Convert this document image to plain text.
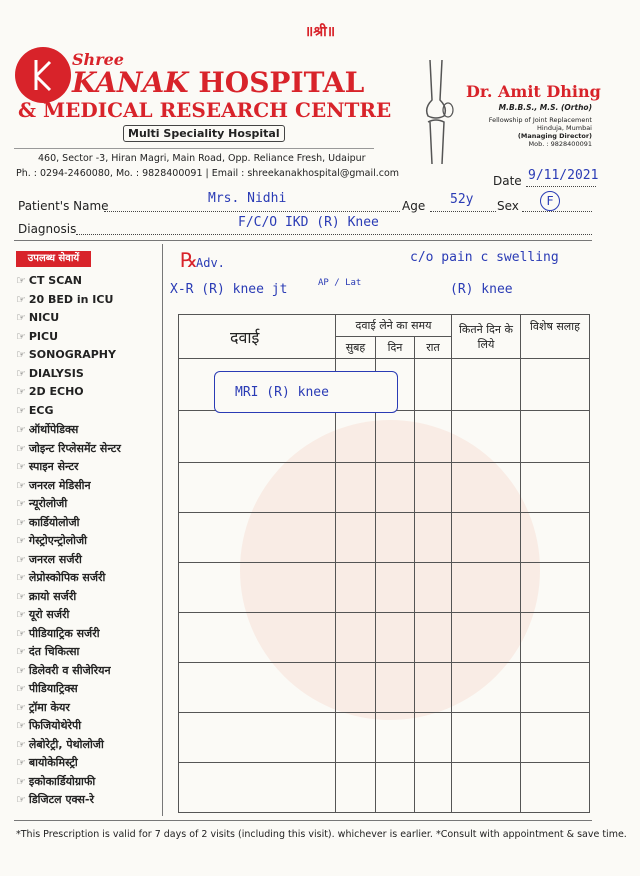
॥श्री॥
Shree
KANAK HOSPITAL
& MEDICAL RESEARCH CENTRE
Multi Speciality Hospital
460, Sector -3, Hiran Magri, Main Road, Opp. Reliance Fresh, Udaipur
Ph. : 0294-2460080, Mo. : 9828400091 | Email : shreekanakhospital@gmail.com
Dr. Amit Dhing
M.B.B.S., M.S. (Ortho)
Fellowship of Joint Replacement
Hinduja, Mumbai
(Managing Director)
Mob. : 9828400091
Date 9/11/2021
Patient's Name	Mrs. Nidhi	Age 52y Sex	F
Diagnosis	F/C/O IKD (R) Knee
उपलब्ध सेवायें
☞ CT SCAN
☞ 20 BED in ICU
☞ NICU
☞ PICU
☞ SONOGRAPHY
☞ DIALYSIS
☞ 2D ECHO
☞ ECG
☞ ऑर्थोपेडिक्स
☞ जोइन्ट रिप्लेसमेंट सेन्टर
☞ स्पाइन सेन्टर
☞ जनरल मेडिसीन
☞ न्यूरोलोजी
☞ कार्डियोलोजी
☞ गेस्ट्रोएन्ट्रोलोजी
☞ जनरल सर्जरी
☞ लेप्रोस्कोपिक सर्जरी
☞ क्रायो सर्जरी
☞ यूरो सर्जरी
☞ पीडियाट्रिक सर्जरी
☞ दंत चिकित्सा
☞ डिलेवरी व सीजेरियन
☞ पीडियाट्रिक्स
☞ ट्रॉमा केयर
☞ फिजियोथेरेपी
☞ लेबोरेट्री, पेथोलोजी
☞ बायोकेमिस्ट्री
☞ इकोकार्डियोग्राफी
☞ डिजिटल एक्स-रे
℞
Adv.
X-R (R) knee jt	AP / Lat
c/o pain c swelling
(R) knee
दवाई	दवाई लेने का समय			कितने दिन के लिये	विशेष सलाह
	सुबह	दिन	रात		

MRI (R) knee
*This Prescription is valid for 7 days of 2 visits (including this visit). whichever is earlier. *Consult with appointment & save time.
